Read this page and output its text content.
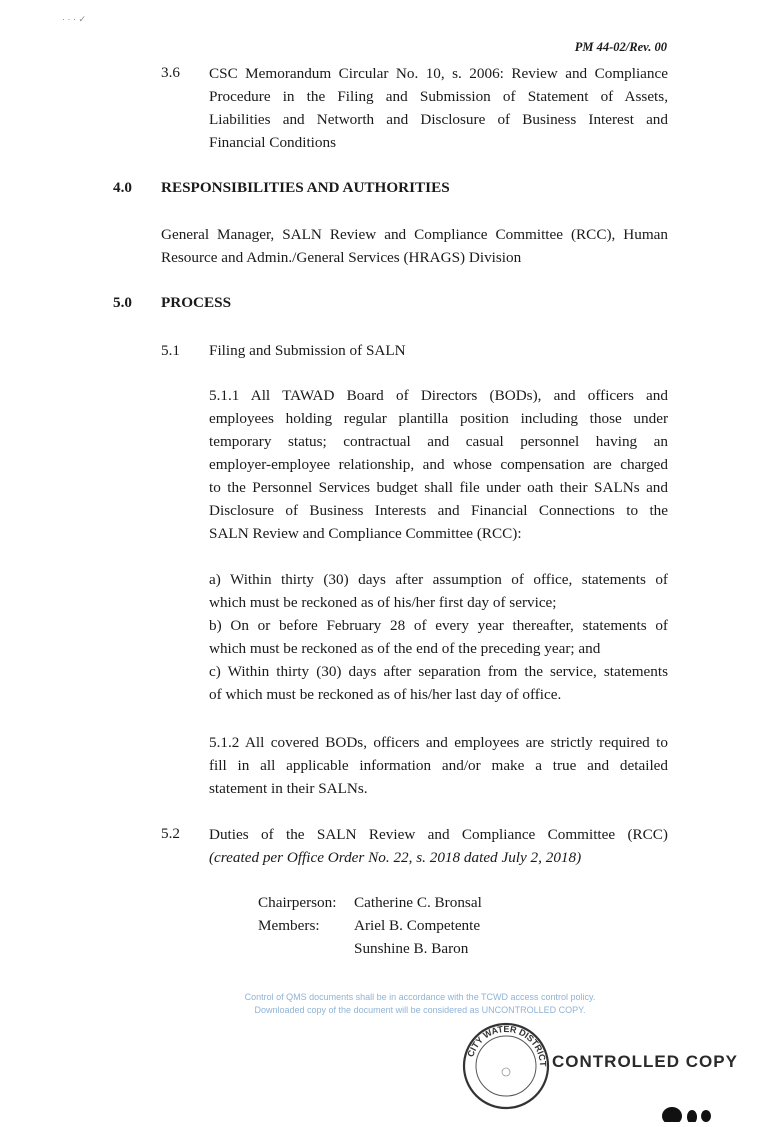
· · · ✓
PM 44-02/Rev. 00
3.6 CSC Memorandum Circular No. 10, s. 2006: Review and Compliance
Procedure in the Filing and Submission of Statement of Assets,
Liabilities and Networth and Disclosure of Business Interest and
Financial Conditions
4.0 RESPONSIBILITIES AND AUTHORITIES
General Manager, SALN Review and Compliance Committee (RCC), Human
Resource and Admin./General Services (HRAGS) Division
5.0 PROCESS
5.1 Filing and Submission of SALN
5.1.1 All TAWAD Board of Directors (BODs), and officers and
employees holding regular plantilla position including those under
temporary status; contractual and casual personnel having an
employer-employee relationship, and whose compensation are charged
to the Personnel Services budget shall file under oath their SALNs and
Disclosure of Business Interests and Financial Connections to the
SALN Review and Compliance Committee (RCC):
a) Within thirty (30) days after assumption of office, statements of
which must be reckoned as of his/her first day of service;
b) On or before February 28 of every year thereafter, statements of
which must be reckoned as of the end of the preceding year; and
c) Within thirty (30) days after separation from the service, statements
of which must be reckoned as of his/her last day of office.
5.1.2 All covered BODs, officers and employees are strictly required to
fill in all applicable information and/or make a true and detailed
statement in their SALNs.
5.2 Duties of the SALN Review and Compliance Committee (RCC)
(created per Office Order No. 22, s. 2018 dated July 2, 2018)
Chairperson: Catherine C. Bronsal
Members: Ariel B. Competente
Sunshine B. Baron
Control of QMS documents shall be in accordance with the TCWD access control policy.
Downloaded copy of the document will be considered as UNCONTROLLED COPY.
CITY WATER DISTRICT CONTROLLED COPY
